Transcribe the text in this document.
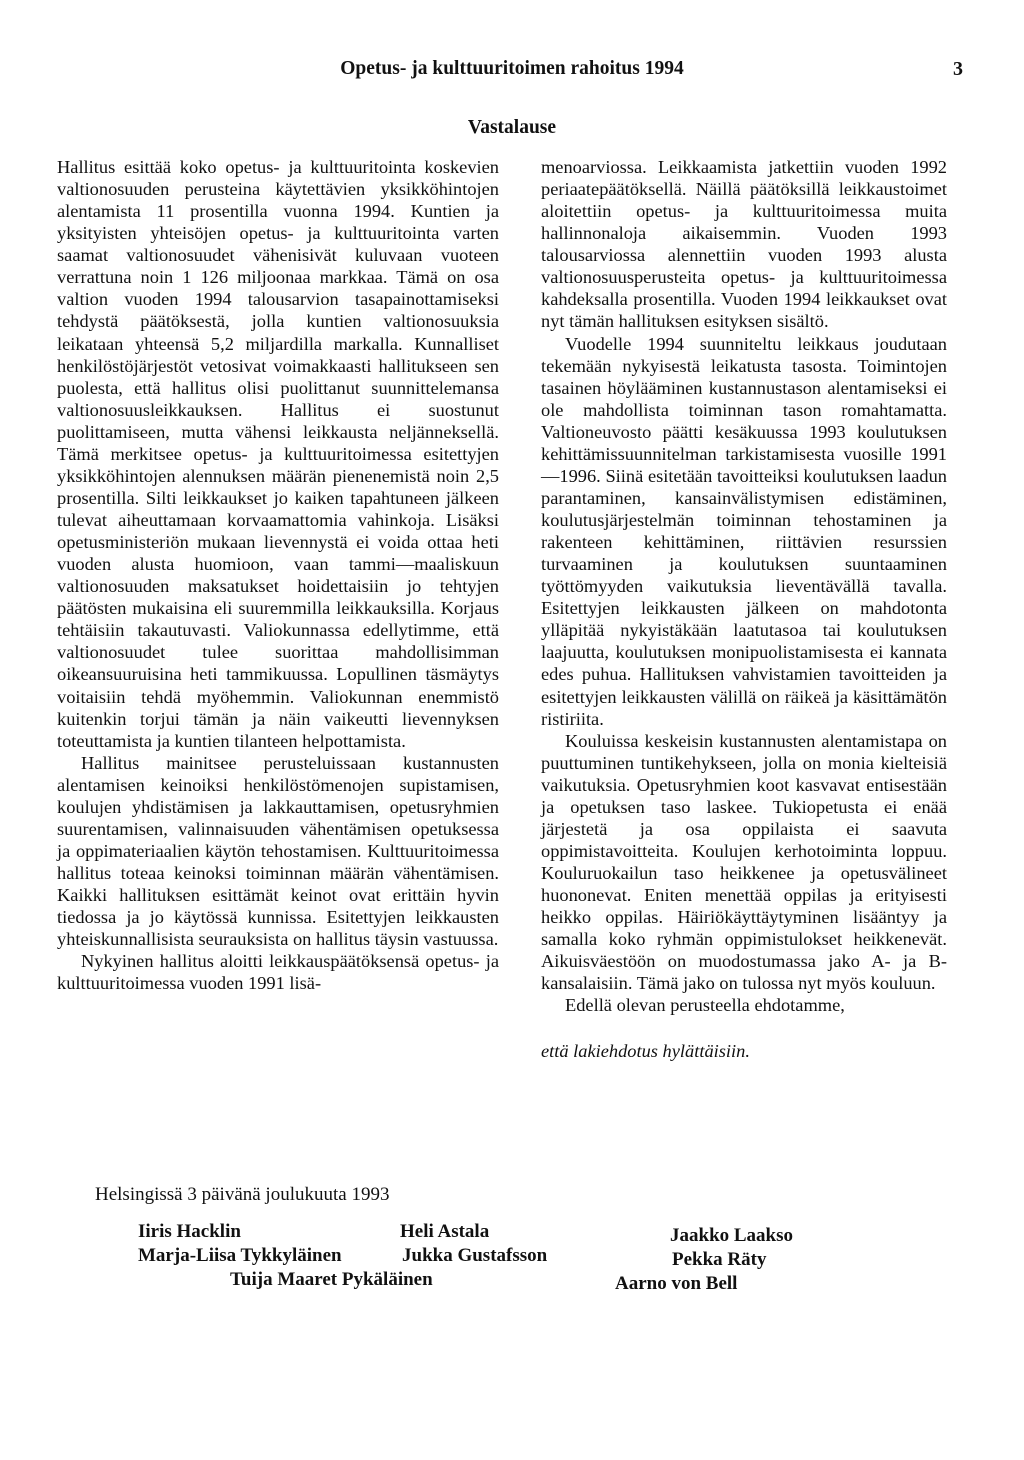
Opetus- ja kulttuuritoimen rahoitus 1994	3
Vastalause

Hallitus esittää koko opetus- ja kulttuuritointa koskevien valtionosuuden perusteina käytettävien yksikköhintojen alentamista 11 prosentilla vuonna 1994. Kuntien ja yksityisten yhteisöjen opetus- ja kulttuuritointa varten saamat valtionosuudet vähenisivät kuluvaan vuoteen verrattuna noin 1 126 miljoonaa markkaa. Tämä on osa valtion vuoden 1994 talousarvion tasapainottamiseksi tehdystä päätöksestä, jolla kuntien valtionosuuksia leikataan yhteensä 5,2 miljardilla markalla. Kunnalliset henkilöstöjärjestöt vetosivat voimakkaasti hallitukseen sen puolesta, että hallitus olisi puolittanut suunnittelemansa valtionosuusleikkauksen. Hallitus ei suostunut puolittamiseen, mutta vähensi leikkausta neljänneksellä. Tämä merkitsee opetus- ja kulttuuritoimessa esitettyjen yksikköhintojen alennuksen määrän pienenemistä noin 2,5 prosentilla. Silti leikkaukset jo kaiken tapahtuneen jälkeen tulevat aiheuttamaan korvaamattomia vahinkoja. Lisäksi opetusministeriön mukaan lievennystä ei voida ottaa heti vuoden alusta huomioon, vaan tammi—maaliskuun valtionosuuden maksatukset hoidettaisiin jo tehtyjen päätösten mukaisina eli suuremmilla leikkauksilla. Korjaus tehtäisiin takautuvasti. Valiokunnassa edellytimme, että valtionosuudet tulee suorittaa mahdollisimman oikeansuuruisina heti tammikuussa. Lopullinen täsmäytys voitaisiin tehdä myöhemmin. Valiokunnan enemmistö kuitenkin torjui tämän ja näin vaikeutti lievennyksen toteuttamista ja kuntien tilanteen helpottamista.

Hallitus mainitsee perusteluissaan kustannusten alentamisen keinoiksi henkilöstömenojen supistamisen, koulujen yhdistämisen ja lakkauttamisen, opetusryhmien suurentamisen, valinnaisuuden vähentämisen opetuksessa ja oppimateriaalien käytön tehostamisen. Kulttuuritoimessa hallitus toteaa keinoksi toiminnan määrän vähentämisen. Kaikki hallituksen esittämät keinot ovat erittäin hyvin tiedossa ja jo käytössä kunnissa. Esitettyjen leikkausten yhteiskunnallisista seurauksista on hallitus täysin vastuussa.

Nykyinen hallitus aloitti leikkauspäätöksensä opetus- ja kulttuuritoimessa vuoden 1991 lisä-

menoarviossa. Leikkaamista jatkettiin vuoden 1992 periaatepäätöksellä. Näillä päätöksillä leikkaustoimet aloitettiin opetus- ja kulttuuritoimessa muita hallinnonaloja aikaisemmin. Vuoden 1993 talousarviossa alennettiin vuoden 1993 alusta valtionosuusperusteita opetus- ja kulttuuritoimessa kahdeksalla prosentilla. Vuoden 1994 leikkaukset ovat nyt tämän hallituksen esityksen sisältö.

Vuodelle 1994 suunniteltu leikkaus joudutaan tekemään nykyisestä leikatusta tasosta. Toimintojen tasainen höylääminen kustannustason alentamiseksi ei ole mahdollista toiminnan tason romahtamatta. Valtioneuvosto päätti kesäkuussa 1993 koulutuksen kehittämissuunnitelman tarkistamisesta vuosille 1991—1996. Siinä esitetään tavoitteiksi koulutuksen laadun parantaminen, kansainvälistymisen edistäminen, koulutusjärjestelmän toiminnan tehostaminen ja rakenteen kehittäminen, riittävien resurssien turvaaminen ja koulutuksen suuntaaminen työttömyyden vaikutuksia lieventävällä tavalla. Esitettyjen leikkausten jälkeen on mahdotonta ylläpitää nykyistäkään laatutasoa tai koulutuksen laajuutta, koulutuksen monipuolistamisesta ei kannata edes puhua. Hallituksen vahvistamien tavoitteiden ja esitettyjen leikkausten välillä on räikeä ja käsittämätön ristiriita.

Kouluissa keskeisin kustannusten alentamistapa on puuttuminen tuntikehykseen, jolla on monia kielteisiä vaikutuksia. Opetusryhmien koot kasvavat entisestään ja opetuksen taso laskee. Tukiopetusta ei enää järjestetä ja osa oppilaista ei saavuta oppimistavoitteita. Koulujen kerhotoiminta loppuu. Kouluruokailun taso heikkenee ja opetusvälineet huononevat. Eniten menettää oppilas ja erityisesti heikko oppilas. Häiriökäyttäytyminen lisääntyy ja samalla koko ryhmän oppimistulokset heikkenevät. Aikuisväestöön on muodostumassa jako A- ja B-kansalaisiin. Tämä jako on tulossa nyt myös kouluun.

Edellä olevan perusteella ehdotamme,

että lakiehdotus hylättäisiin.

Helsingissä 3 päivänä joulukuuta 1993
Iiris Hacklin	Heli Astala	Jaakko Laakso
Marja-Liisa Tykkyläinen	Jukka Gustafsson	Pekka Räty
Tuija Maaret Pykäläinen	Aarno von Bell
